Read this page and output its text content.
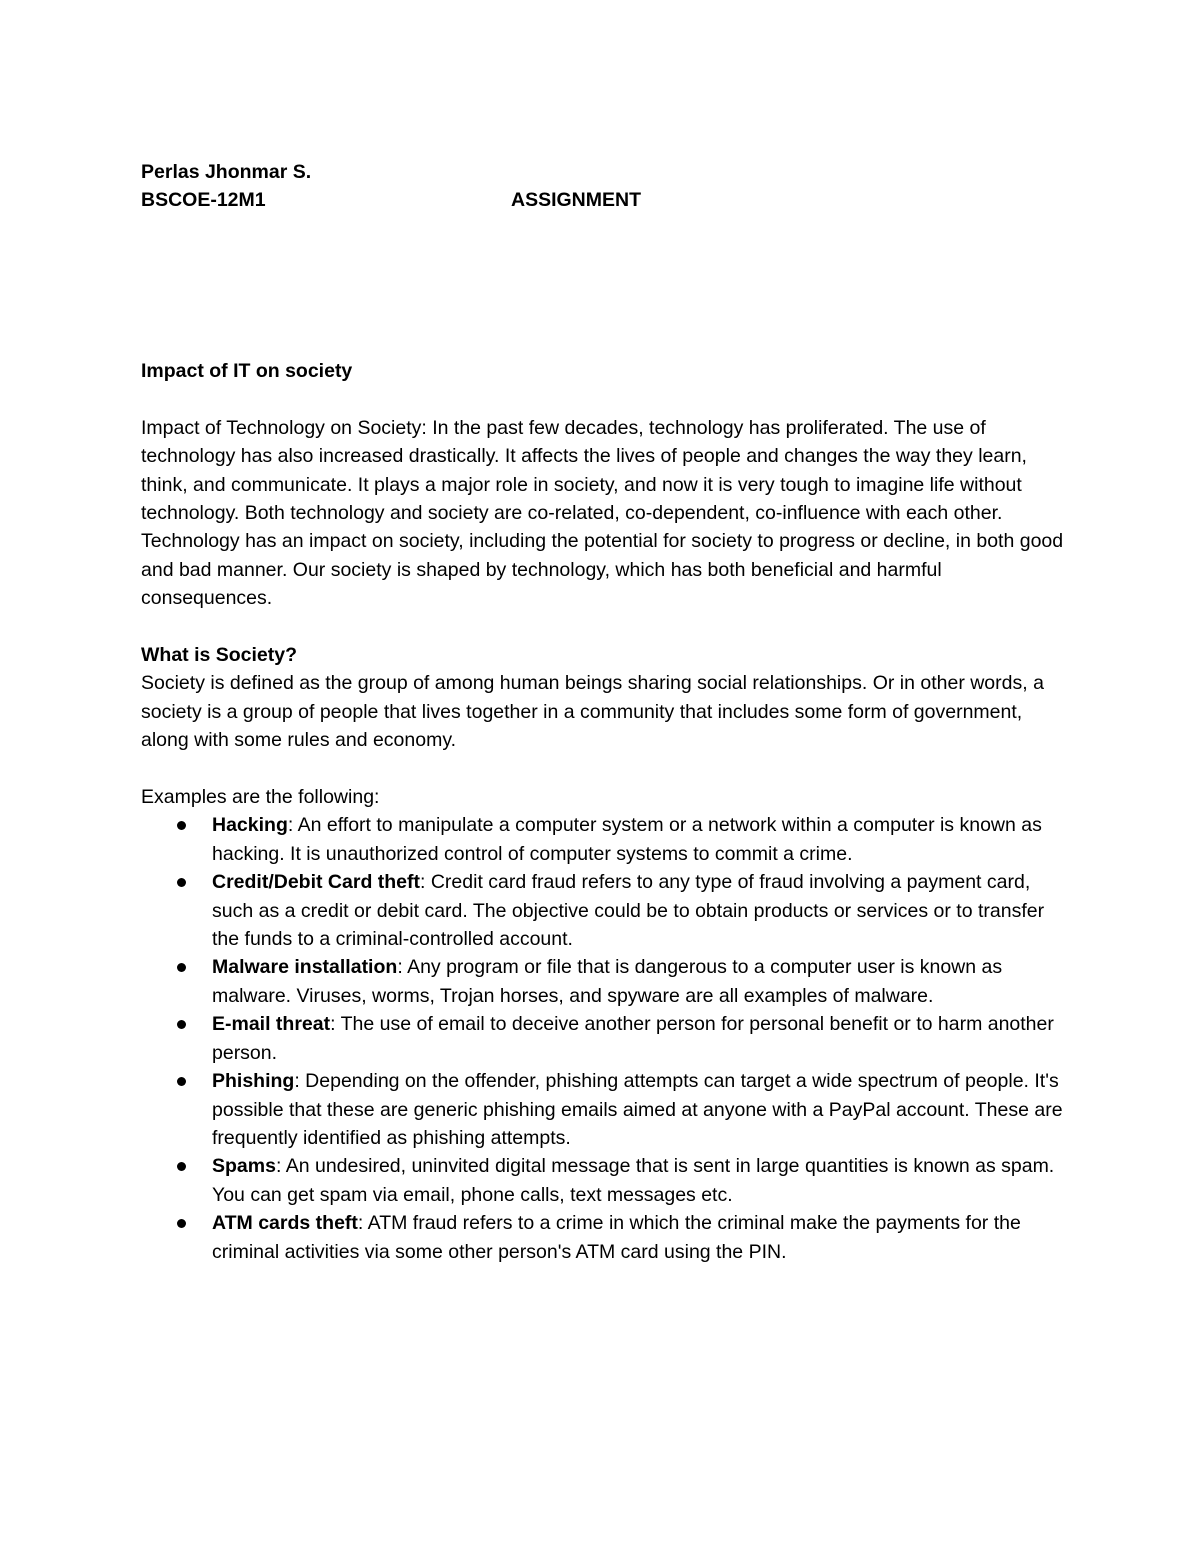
Perlas Jhonmar S.
BSCOE-12M1	ASSIGNMENT

Impact of IT on society

Impact of Technology on Society: In the past few decades, technology has proliferated. The use of technology has also increased drastically. It affects the lives of people and changes the way they learn, think, and communicate. It plays a major role in society, and now it is very tough to imagine life without technology. Both technology and society are co-related, co-dependent, co-influence with each other. Technology has an impact on society, including the potential for society to progress or decline, in both good and bad manner. Our society is shaped by technology, which has both beneficial and harmful consequences.

What is Society?

Society is defined as the group of among human beings sharing social relationships. Or in other words, a society is a group of people that lives together in a community that includes some form of government, along with some rules and economy.

Examples are the following:

Hacking: An effort to manipulate a computer system or a network within a computer is known as hacking. It is unauthorized control of computer systems to commit a crime.
Credit/Debit Card theft: Credit card fraud refers to any type of fraud involving a payment card, such as a credit or debit card. The objective could be to obtain products or services or to transfer the funds to a criminal-controlled account.
Malware installation: Any program or file that is dangerous to a computer user is known as malware. Viruses, worms, Trojan horses, and spyware are all examples of malware.
E-mail threat: The use of email to deceive another person for personal benefit or to harm another person.
Phishing: Depending on the offender, phishing attempts can target a wide spectrum of people. It's possible that these are generic phishing emails aimed at anyone with a PayPal account. These are frequently identified as phishing attempts.
Spams: An undesired, uninvited digital message that is sent in large quantities is known as spam. You can get spam via email, phone calls, text messages etc.
ATM cards theft: ATM fraud refers to a crime in which the criminal make the payments for the criminal activities via some other person's ATM card using the PIN.
